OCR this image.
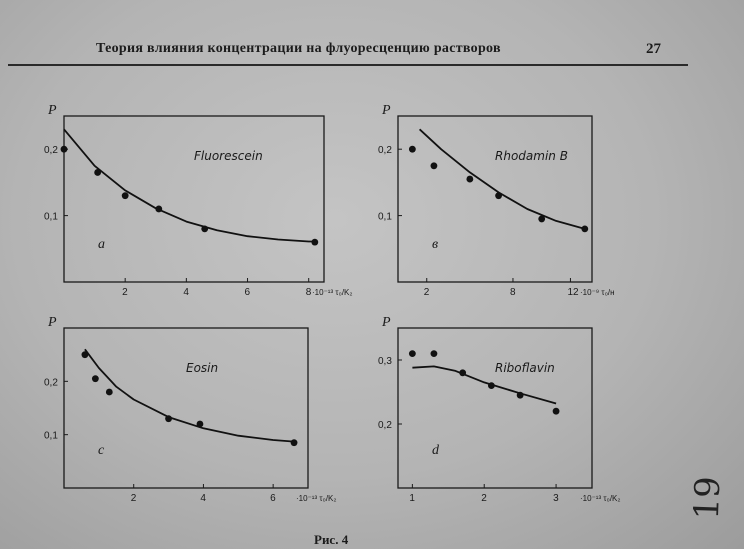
Теория влияния концентрации на флуоресценцию растворов	27
P
0,1
0,2
2	4	6	8 ·10⁻¹³ τ₀/K₂
Fluorescein
a
P
0,1
0,2
2	8	12 ·10⁻⁹ τ₀/н
Rhodamin B
в
P
0,1
0,2
2	4	6	·10⁻¹³ τ₀/K₂
Eosin
c
P
0,2
0,3
1	2	3	·10⁻¹³ τ₀/K₂
Riboflavin
d
Рис. 4
19
